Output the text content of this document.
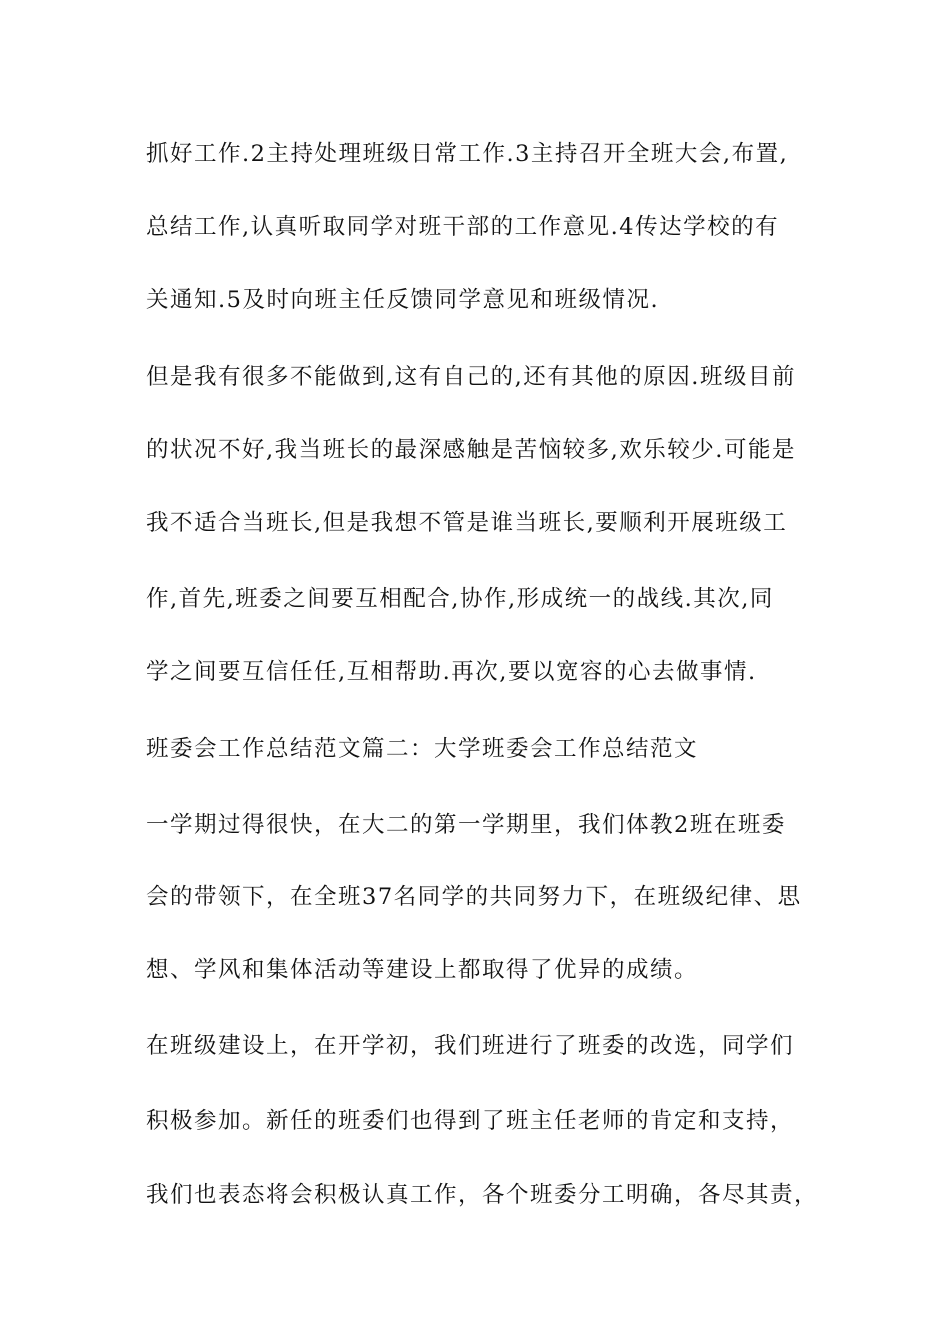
抓好工作.2主持处理班级日常工作.3主持召开全班大会,布置,
总结工作,认真听取同学对班干部的工作意见.4传达学校的有
关通知.5及时向班主任反馈同学意见和班级情况.
但是我有很多不能做到,这有自己的,还有其他的原因.班级目前
的状况不好,我当班长的最深感触是苦恼较多,欢乐较少.可能是
我不适合当班长,但是我想不管是谁当班长,要顺利开展班级工
作,首先,班委之间要互相配合,协作,形成统一的战线.其次,同
学之间要互信任任,互相帮助.再次,要以宽容的心去做事情.
班委会工作总结范文篇二：大学班委会工作总结范文
一学期过得很快，在大二的第一学期里，我们体教2班在班委
会的带领下，在全班37名同学的共同努力下，在班级纪律、思
想、学风和集体活动等建设上都取得了优异的成绩。
在班级建设上，在开学初，我们班进行了班委的改选，同学们
积极参加。新任的班委们也得到了班主任老师的肯定和支持，
我们也表态将会积极认真工作，各个班委分工明确，各尽其责，
